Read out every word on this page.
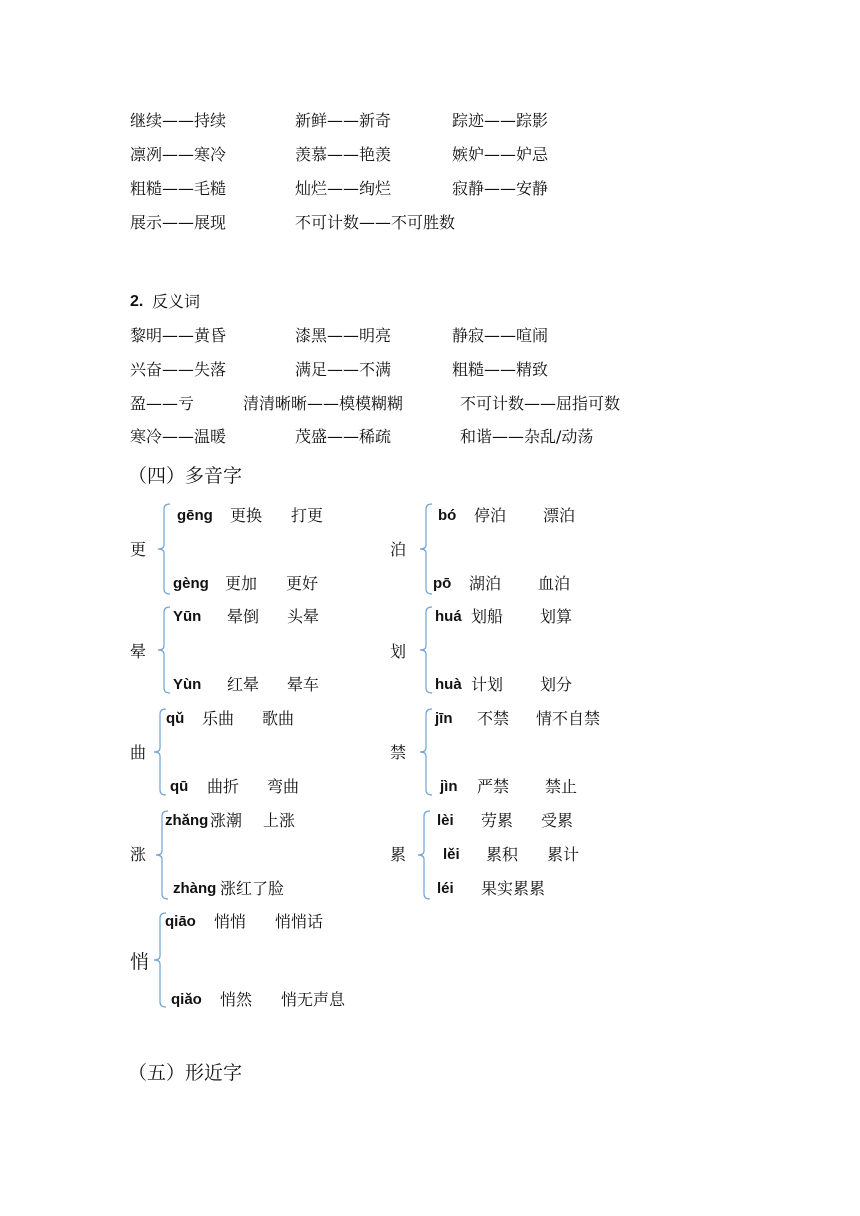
继续——持续	新鲜——新奇	踪迹——踪影
凛冽——寒冷	羡慕——艳羡	嫉妒——妒忌
粗糙——毛糙	灿烂——绚烂	寂静——安静
展示——展现	不可计数——不可胜数
2. 反义词
黎明——黄昏	漆黑——明亮	静寂——喧闹
兴奋——失落	满足——不满	粗糙——精致
盈——亏	清清晰晰——模模糊糊	不可计数——屈指可数
寒冷——温暖	茂盛——稀疏	和谐——杂乱/动荡
（四）多音字
更
gēng 更换 打更
gèng 更加 更好
泊
bó 停泊 漂泊
pō 湖泊 血泊
晕
Yūn 晕倒 头晕
Yùn 红晕 晕车
划
huá 划船 划算
huà 计划 划分
曲
qǔ 乐曲 歌曲
qū 曲折 弯曲
禁
jīn 不禁 情不自禁
jìn 严禁 禁止
涨
zhǎng 涨潮 上涨
zhàng 涨红了脸
累
lèi 劳累 受累
lěi 累积 累计
léi 果实累累
悄
qiāo 悄悄 悄悄话
qiǎo 悄然 悄无声息
（五）形近字
